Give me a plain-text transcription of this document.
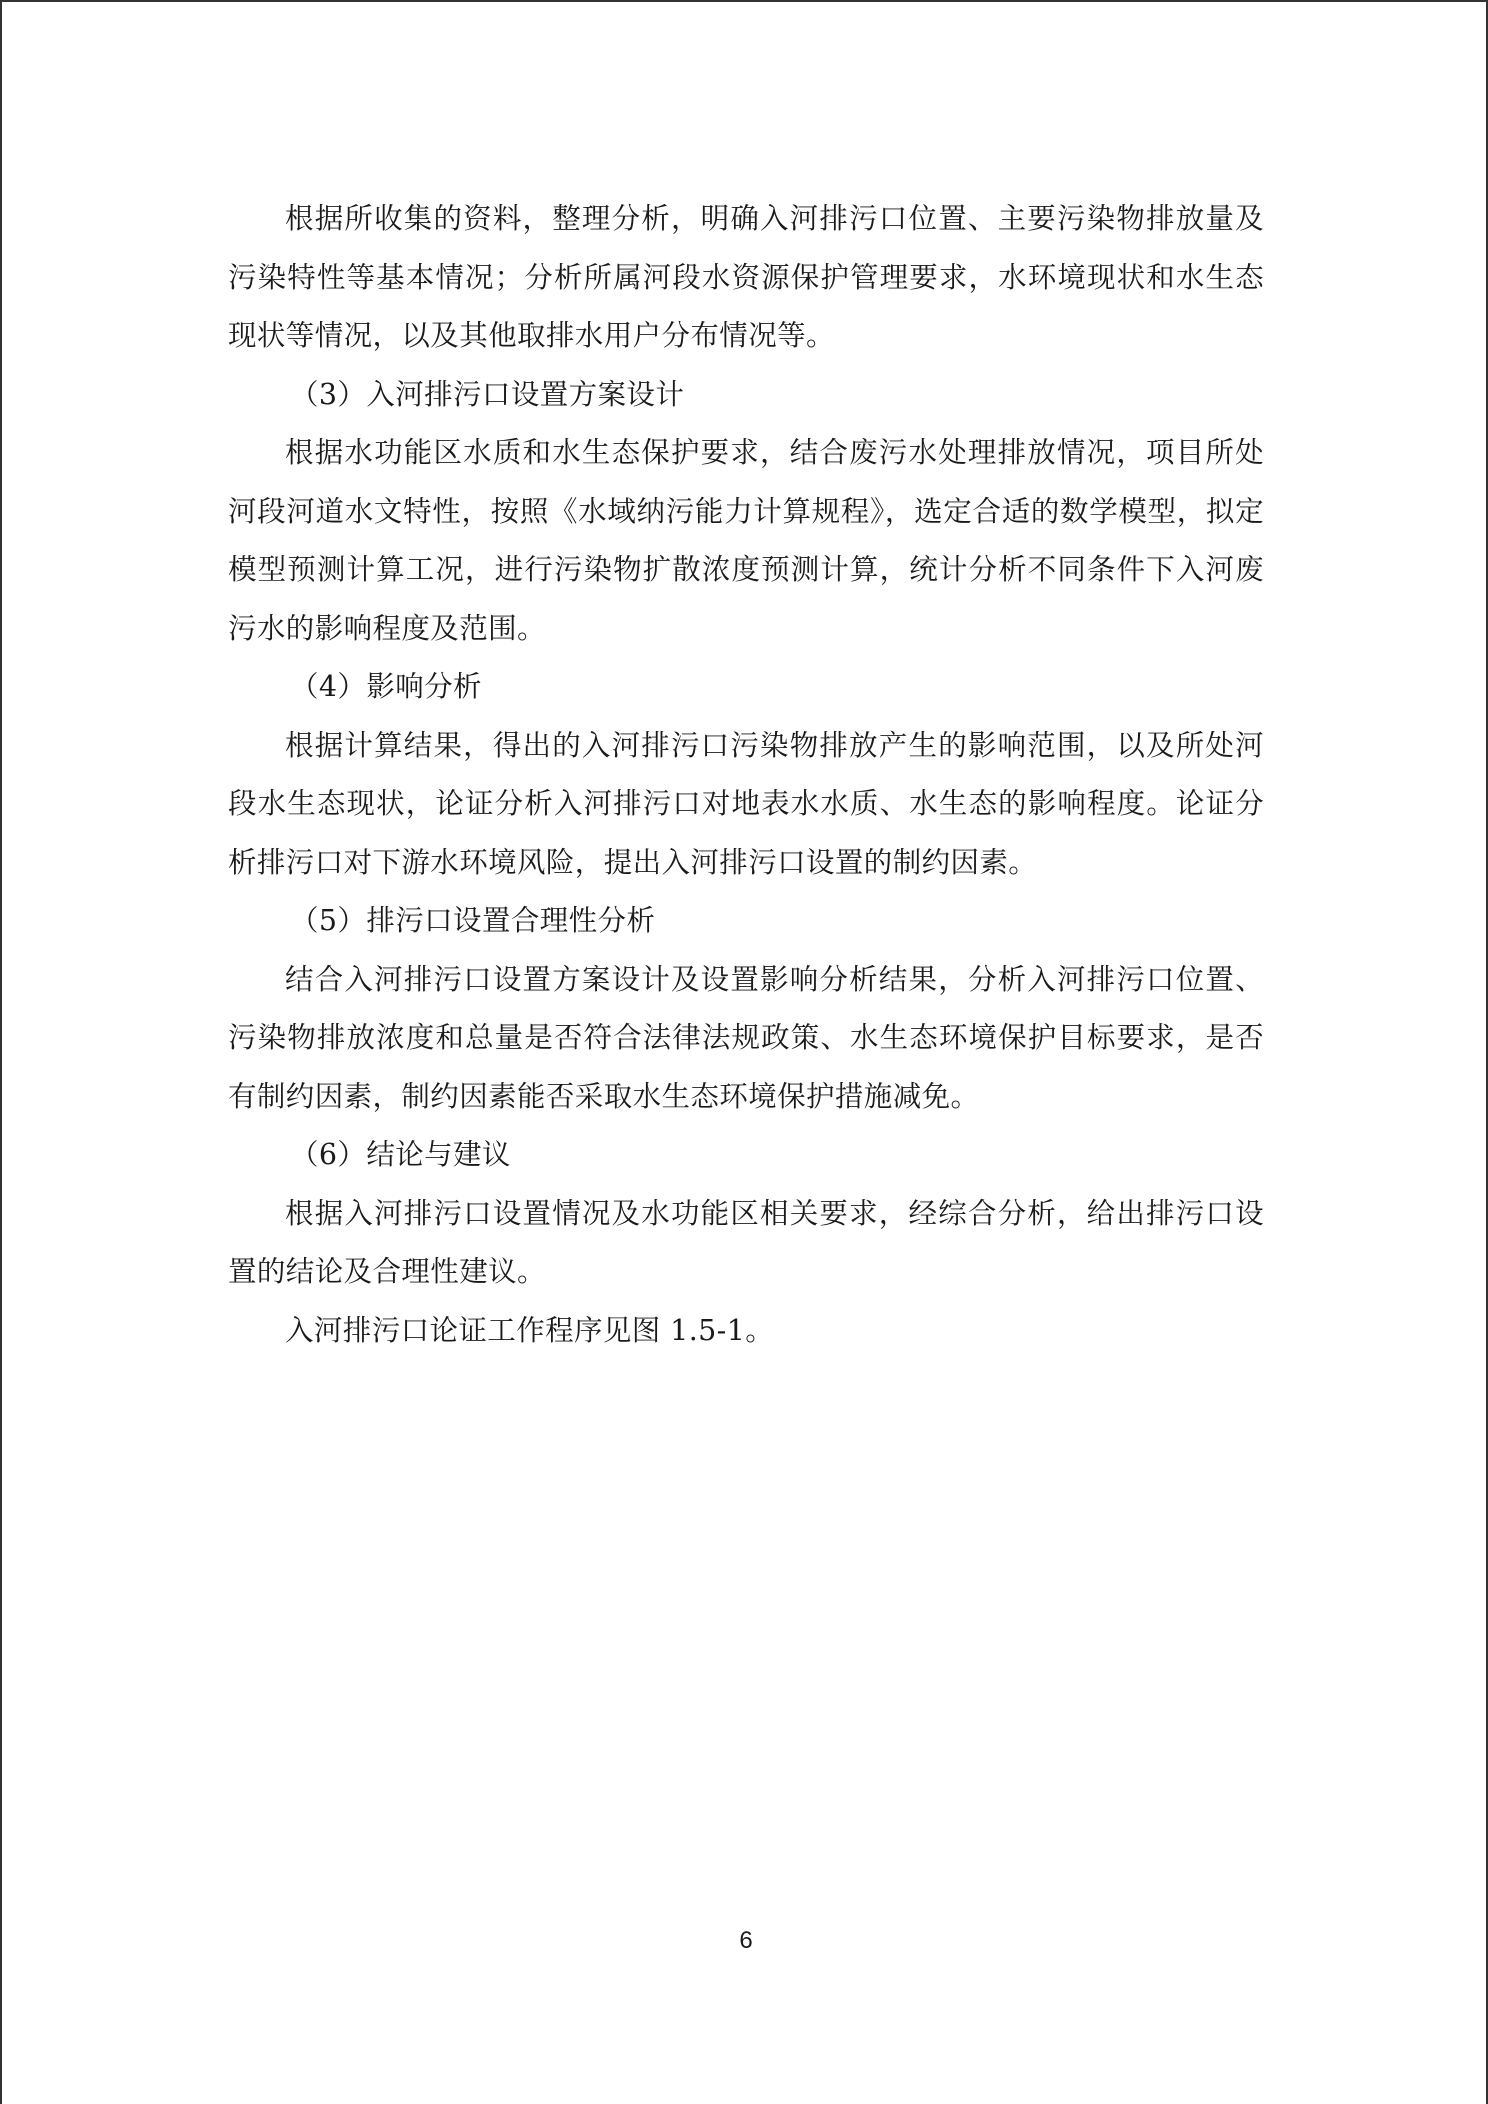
根据所收集的资料，整理分析，明确入河排污口位置、主要污染物排放量及污染特性等基本情况；分析所属河段水资源保护管理要求，水环境现状和水生态现状等情况，以及其他取排水用户分布情况等。

（3）入河排污口设置方案设计

根据水功能区水质和水生态保护要求，结合废污水处理排放情况，项目所处河段河道水文特性，按照《水域纳污能力计算规程》，选定合适的数学模型，拟定模型预测计算工况，进行污染物扩散浓度预测计算，统计分析不同条件下入河废污水的影响程度及范围。

（4）影响分析

根据计算结果，得出的入河排污口污染物排放产生的影响范围，以及所处河段水生态现状，论证分析入河排污口对地表水水质、水生态的影响程度。论证分析排污口对下游水环境风险，提出入河排污口设置的制约因素。

（5）排污口设置合理性分析

结合入河排污口设置方案设计及设置影响分析结果，分析入河排污口位置、污染物排放浓度和总量是否符合法律法规政策、水生态环境保护目标要求，是否有制约因素，制约因素能否采取水生态环境保护措施减免。

（6）结论与建议

根据入河排污口设置情况及水功能区相关要求，经综合分析，给出排污口设置的结论及合理性建议。

入河排污口论证工作程序见图 1.5-1。

6
